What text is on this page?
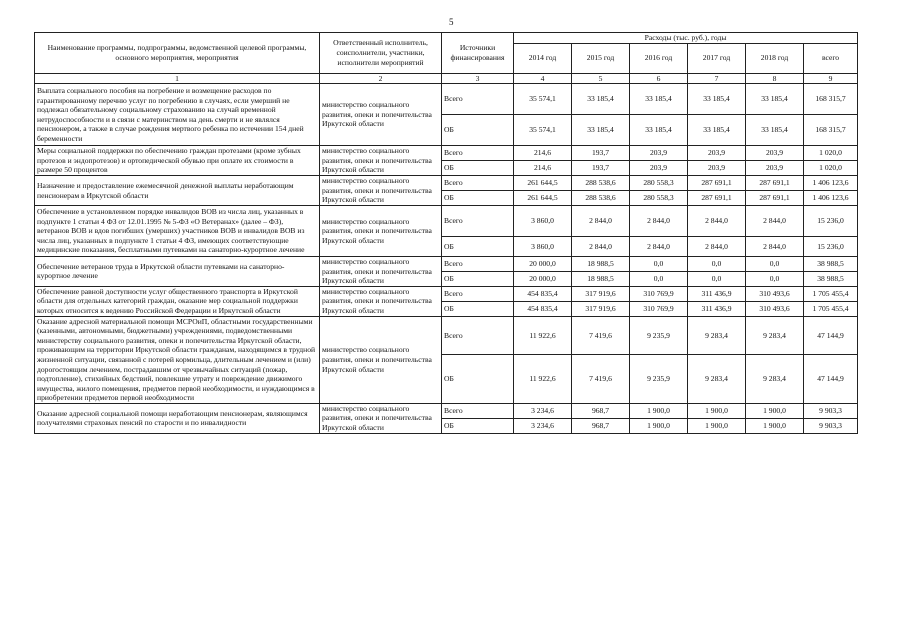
5
Наименование программы, подпрограммы, ведомственной целевой программы, основного мероприятия, мероприятия	Ответственный исполнитель, соисполнители, участники, исполнители мероприятий	Источники финансирования	Расходы (тыс. руб.), годы					
			2014 год	2015 год	2016 год	2017 год	2018 год	всего
1	2	3	4	5	6	7	8	9
Выплата социального пособия на погребение и возмещение расходов по гарантированному перечню услуг по погребению в случаях, если умерший не подлежал обязательному социальному страхованию на случай временной нетрудоспособности и в связи с материнством на день смерти и не являлся пенсионером, а также в случае рождения мертвого ребенка по истечении 154 дней беременности	министерство социального развития, опеки и попечительства Иркутской области	Всего	35 574,1	33 185,4	33 185,4	33 185,4	33 185,4	168 315,7
		ОБ	35 574,1	33 185,4	33 185,4	33 185,4	33 185,4	168 315,7
Меры социальной поддержки по обеспечению граждан протезами (кроме зубных протезов и эндопротезов) и ортопедической обувью при оплате их стоимости в размере 50 процентов	министерство социального развития, опеки и попечительства Иркутской области	Всего	214,6	193,7	203,9	203,9	203,9	1 020,0
		ОБ	214,6	193,7	203,9	203,9	203,9	1 020,0
Назначение и предоставление ежемесячной денежной выплаты неработающим пенсионерам в Иркутской области	министерство социального развития, опеки и попечительства Иркутской области	Всего	261 644,5	288 538,6	280 558,3	287 691,1	287 691,1	1 406 123,6
		ОБ	261 644,5	288 538,6	280 558,3	287 691,1	287 691,1	1 406 123,6
Обеспечение в установленном порядке инвалидов ВОВ из числа лиц, указанных в подпункте 1 статьи 4 ФЗ от 12.01.1995 № 5-ФЗ «О Ветеранах» (далее – ФЗ), ветеранов ВОВ и вдов погибших (умерших) участников ВОВ и инвалидов ВОВ из числа лиц, указанных в подпункте 1 статьи 4 ФЗ, имеющих соответствующие медицинские показания, бесплатными путевками на санаторно-курортное лечение	министерство социального развития, опеки и попечительства Иркутской области	Всего	3 860,0	2 844,0	2 844,0	2 844,0	2 844,0	15 236,0
		ОБ	3 860,0	2 844,0	2 844,0	2 844,0	2 844,0	15 236,0
Обеспечение ветеранов труда в Иркутской области путевками на санаторно-курортное лечение	министерство социального развития, опеки и попечительства Иркутской области	Всего	20 000,0	18 988,5	0,0	0,0	0,0	38 988,5
		ОБ	20 000,0	18 988,5	0,0	0,0	0,0	38 988,5
Обеспечение равной доступности услуг общественного транспорта в Иркутской области для отдельных категорий граждан, оказание мер социальной поддержки которых относится к ведению Российской Федерации и Иркутской области	министерство социального развития, опеки и попечительства Иркутской области	Всего	454 835,4	317 919,6	310 769,9	311 436,9	310 493,6	1 705 455,4
		ОБ	454 835,4	317 919,6	310 769,9	311 436,9	310 493,6	1 705 455,4
Оказание адресной материальной помощи МСРОиП, областными государственными (казенными, автономными, бюджетными) учреждениями, подведомственными министерству социального развития, опеки и попечительства Иркутской области, проживающим на территории Иркутской области гражданам, находящимся в трудной жизненной ситуации, связанной с потерей кормильца, длительным лечением и (или) дорогостоящим лечением, пострадавшим от чрезвычайных ситуаций (пожар, подтопление), стихийных бедствий, повлекшие утрату и повреждение движимого имущества, жилого помещения, предметов первой необходимости, и нуждающимся в приобретении предметов первой необходимости	министерство социального развития, опеки и попечительства Иркутской области	Всего	11 922,6	7 419,6	9 235,9	9 283,4	9 283,4	47 144,9
		ОБ	11 922,6	7 419,6	9 235,9	9 283,4	9 283,4	47 144,9
Оказание адресной социальной помощи неработающим пенсионерам, являющимся получателями страховых пенсий по старости и по инвалидности	министерство социального развития, опеки и попечительства Иркутской области	Всего	3 234,6	968,7	1 900,0	1 900,0	1 900,0	9 903,3
		ОБ	3 234,6	968,7	1 900,0	1 900,0	1 900,0	9 903,3
